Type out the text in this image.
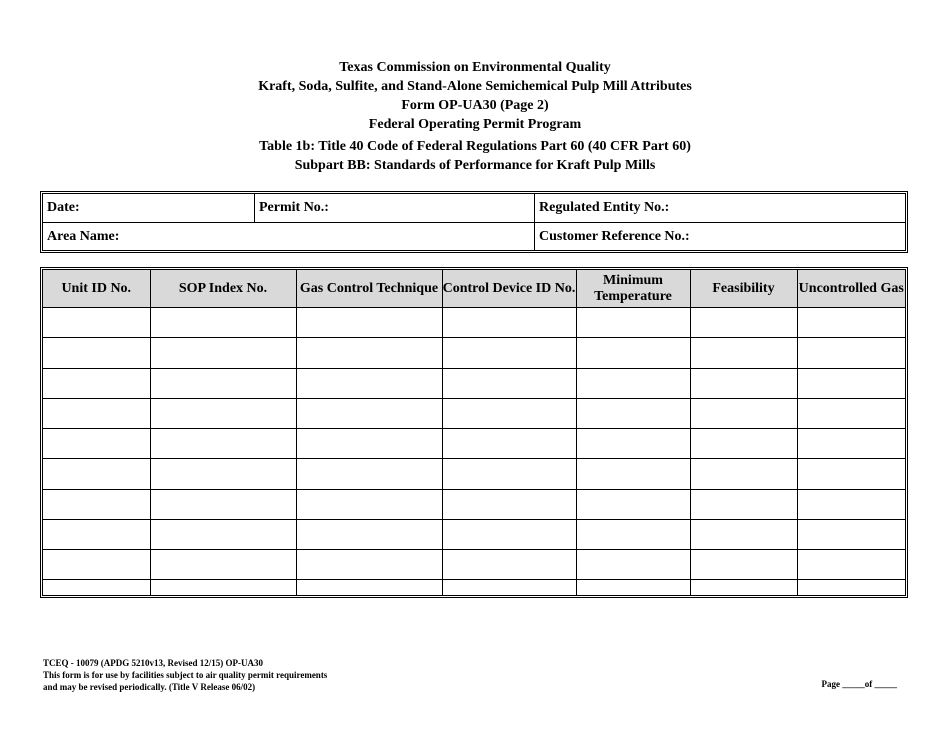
Texas Commission on Environmental Quality
Kraft, Soda, Sulfite, and Stand-Alone Semichemical Pulp Mill Attributes
Form OP-UA30 (Page 2)
Federal Operating Permit Program
Table 1b: Title 40 Code of Federal Regulations Part 60 (40 CFR Part 60)
Subpart BB: Standards of Performance for Kraft Pulp Mills
Date:	Permit No.:	Regulated Entity No.:
Area Name:	Customer Reference No.:
Unit ID No.	SOP Index No.	Gas Control Technique	Control Device ID No.	Minimum Temperature	Feasibility	Uncontrolled Gas

TCEQ - 10079 (APDG 5210v13, Revised 12/15) OP-UA30
This form is for use by facilities subject to air quality permit requirements
and may be revised periodically. (Title V Release 06/02)	Page _____of _____
